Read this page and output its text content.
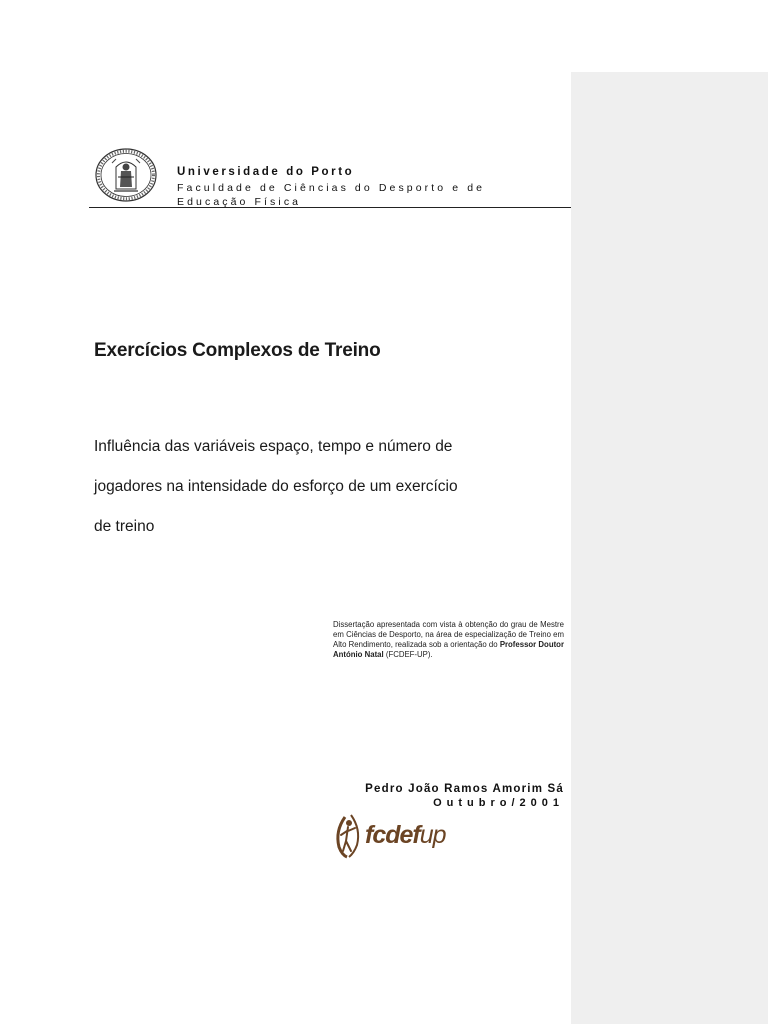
Universidade do Porto
Faculdade de Ciências do Desporto e de Educação Física
Exercícios Complexos de Treino
Influência das variáveis espaço, tempo e número de
jogadores na intensidade do esforço de um exercício
de treino
Dissertação apresentada com vista à obtenção do grau de Mestre em Ciências de Desporto, na área de especialização de Treino em Alto Rendimento, realizada sob a orientação do Professor Doutor António Natal (FCDEF-UP).
Pedro João Ramos Amorim Sá
Outubro/2001
fcdefup
